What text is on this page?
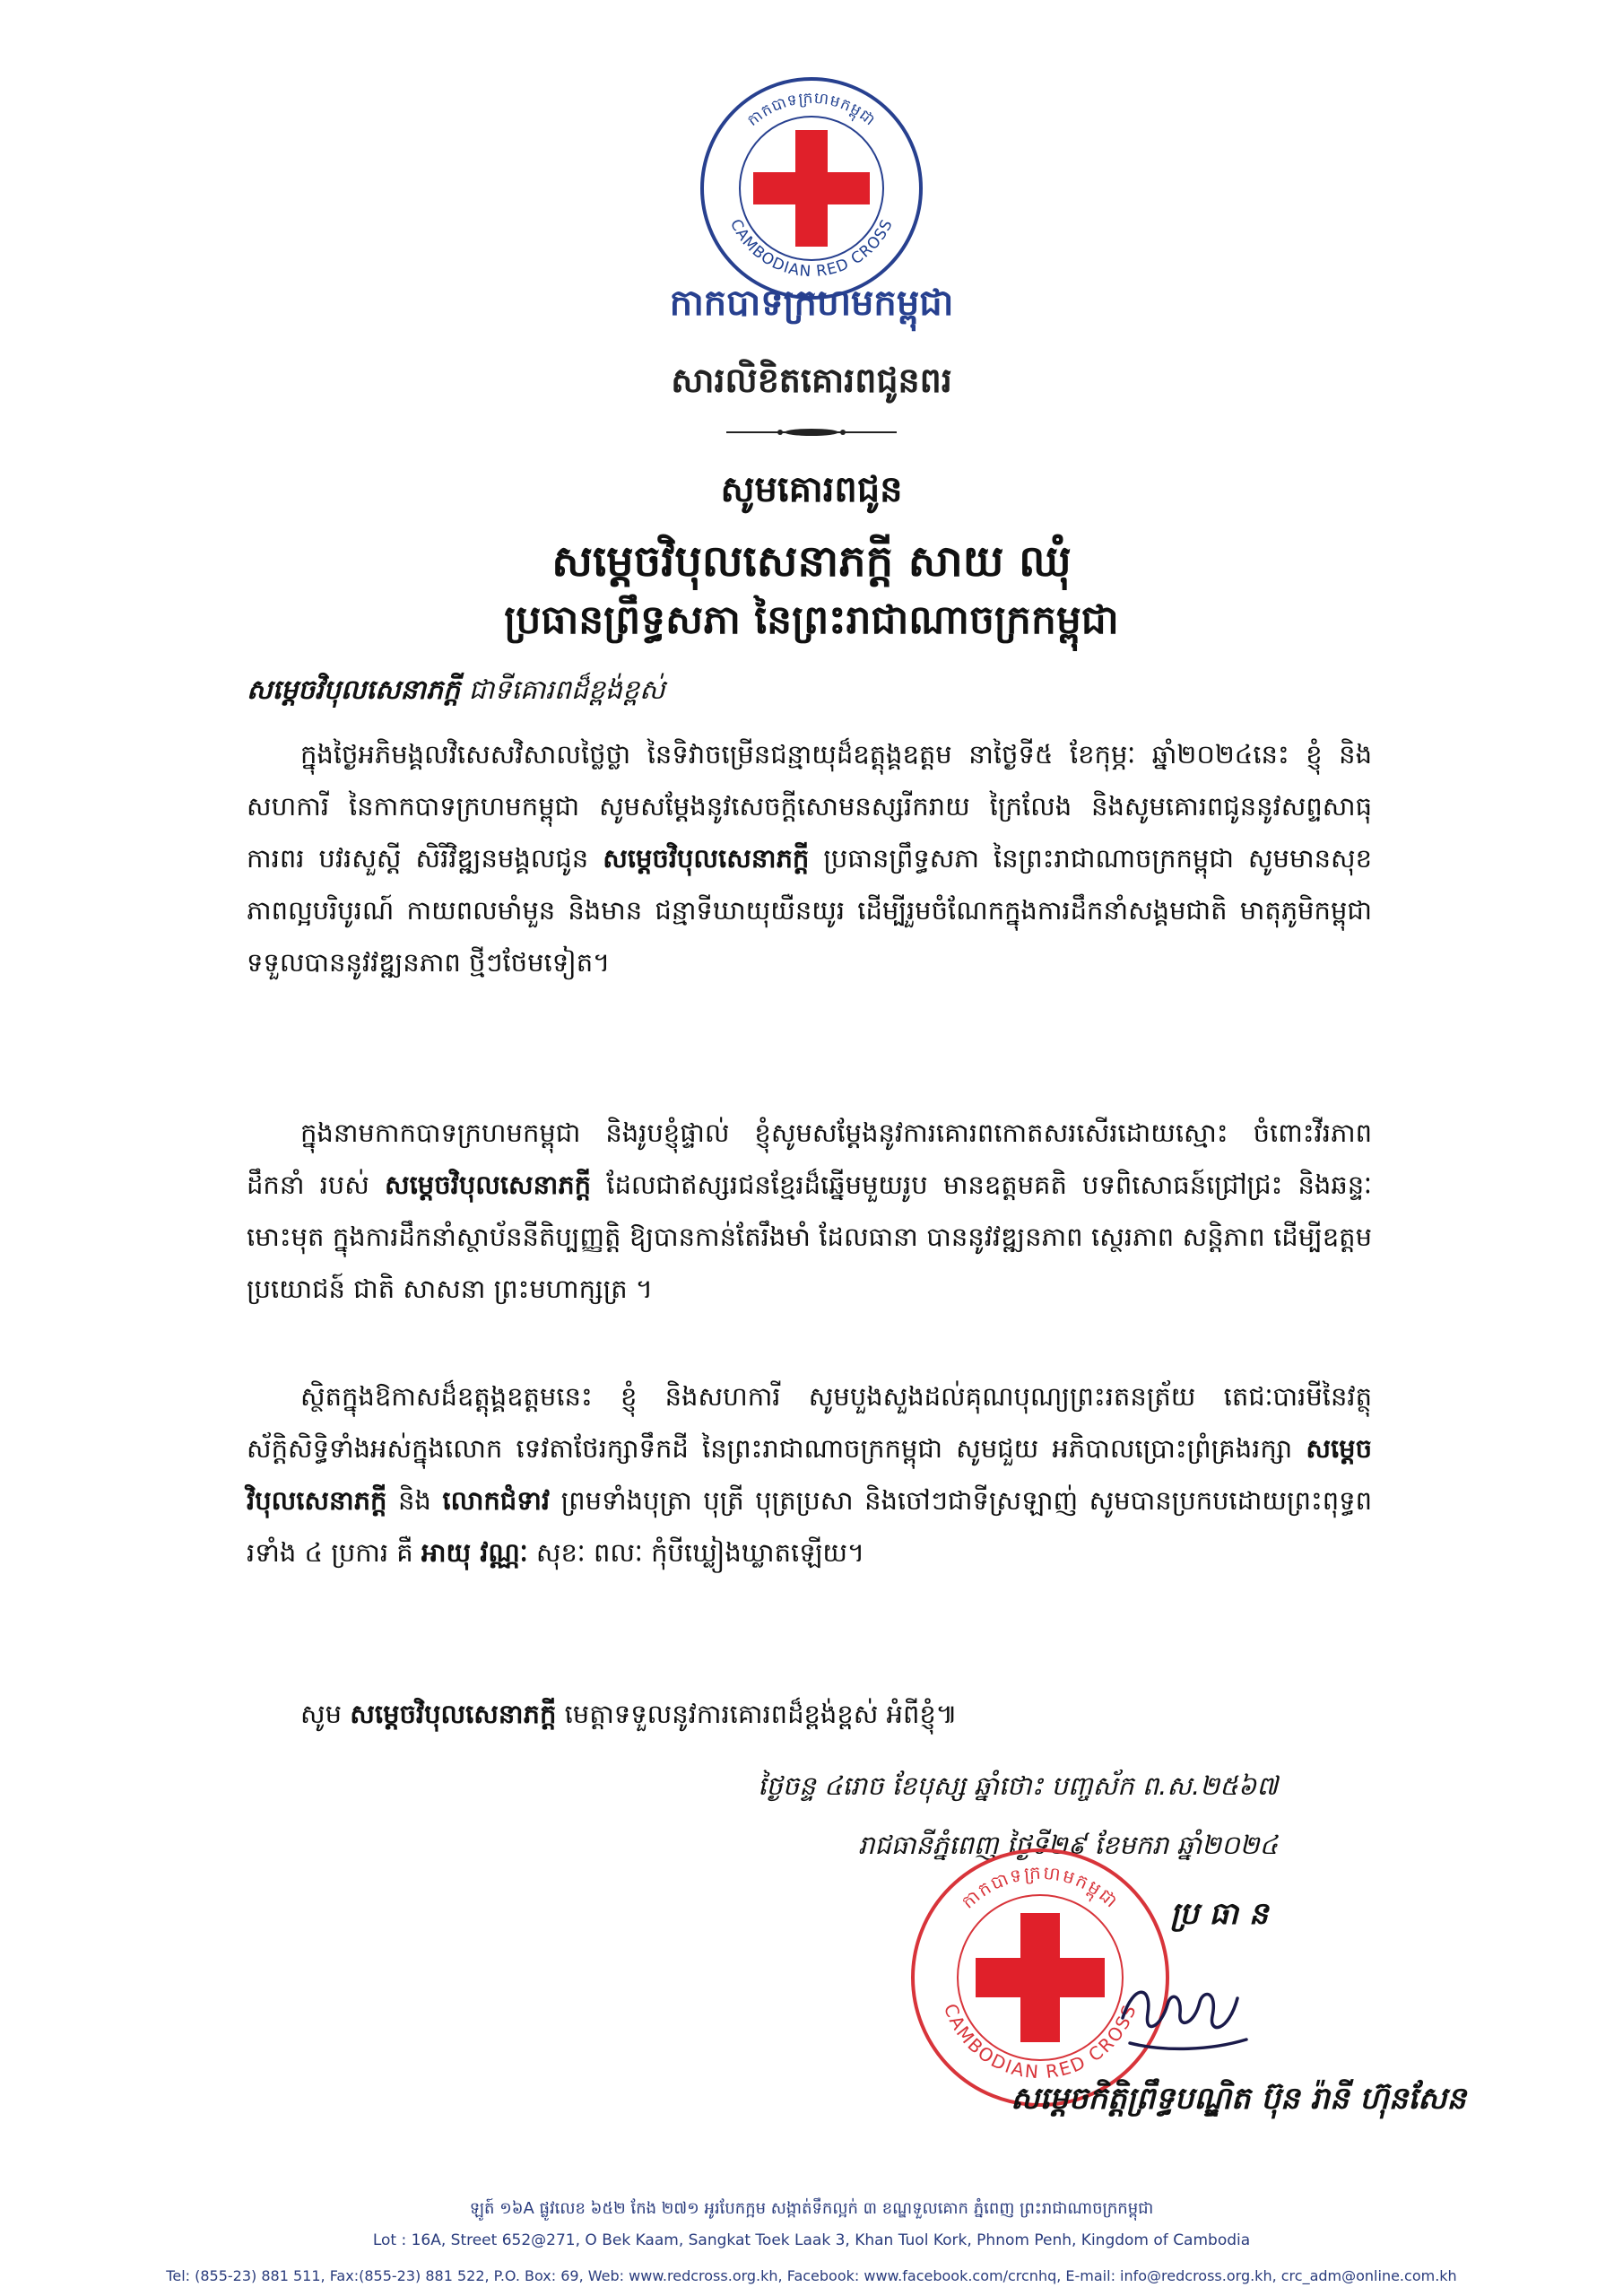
កាកបាទក្រហមកម្ពុជា
CAMBODIAN RED CROSS
កាកបាទក្រហមកម្ពុជា
សារលិខិតគោរពជូនពរ
សូមគោរពជូន
សម្ដេចវិបុលសេនាភក្ដី សាយ ឈុំ
ប្រធានព្រឹទ្ធសភា នៃព្រះរាជាណាចក្រកម្ពុជា
សម្ដេចវិបុលសេនាភក្ដី ជាទីគោរពដ៏ខ្ពង់ខ្ពស់

ក្នុងថ្ងៃអភិមង្គលវិសេសវិសាលថ្លៃថ្លា នៃទិវាចម្រើនជន្មាយុដ៏ឧត្តុង្គឧត្តម នាថ្ងៃទី៥ ខែកុម្ភៈ ឆ្នាំ២០២៤នេះ ខ្ញុំ និងសហការី នៃកាកបាទក្រហមកម្ពុជា សូមសម្ដែងនូវសេចក្ដីសោមនស្សរីករាយ ក្រៃលែង និងសូមគោរពជូននូវសព្ទសាធុការពរ បវរសួស្ដី សិរីវិឌ្ឍនមង្គលជូន សម្ដេចវិបុលសេនាភក្ដី ប្រធានព្រឹទ្ធសភា នៃព្រះរាជាណាចក្រកម្ពុជា សូមមានសុខភាពល្អបរិបូរណ៍ កាយពលមាំមួន និងមាន ជន្មាទីឃាយុយឺនយូរ ដើម្បីរួមចំណែកក្នុងការដឹកនាំសង្គមជាតិ មាតុភូមិកម្ពុជា ទទួលបាននូវវឌ្ឍនភាព ថ្មីៗថែមទៀត។

ក្នុងនាមកាកបាទក្រហមកម្ពុជា និងរូបខ្ញុំផ្ទាល់ ខ្ញុំសូមសម្ដែងនូវការគោរពកោតសរសើរដោយស្មោះ ចំពោះវីរភាពដឹកនាំ របស់ សម្ដេចវិបុលសេនាភក្ដី ដែលជាឥស្សរជនខ្មែរដ៏ឆ្នើមមួយរូប មានឧត្ដមគតិ បទពិសោធន៍ជ្រៅជ្រះ និងឆន្ទៈមោះមុត ក្នុងការដឹកនាំស្ថាប័ននីតិប្បញ្ញត្តិ ឱ្យបានកាន់តែរឹងមាំ ដែលធានា បាននូវវឌ្ឍនភាព ស្ថេរភាព សន្តិភាព ដើម្បីឧត្ដមប្រយោជន៍ ជាតិ សាសនា ព្រះមហាក្សត្រ ។

ស្ថិតក្នុងឱកាសដ៏ឧត្តុង្គឧត្តមនេះ ខ្ញុំ និងសហការី សូមបួងសួងដល់គុណបុណ្យព្រះរតនត្រ័យ តេជៈបារមីនៃវត្ថុស័ក្ដិសិទ្ធិទាំងអស់ក្នុងលោក ទេវតាថែរក្សាទឹកដី នៃព្រះរាជាណាចក្រកម្ពុជា សូមជួយ អភិបាលប្រោះព្រំគ្រងរក្សា សម្ដេចវិបុលសេនាភក្ដី និង លោកជំទាវ ព្រមទាំងបុត្រា បុត្រី បុត្រប្រសា និងចៅៗជាទីស្រឡាញ់ សូមបានប្រកបដោយព្រះពុទ្ធពរទាំង ៤ ប្រការ គឺ អាយុ វណ្ណៈ សុខៈ ពលៈ កុំបីឃ្លៀងឃ្លាតឡើយ។

សូម សម្ដេចវិបុលសេនាភក្ដី មេត្តាទទួលនូវការគោរពដ៏ខ្ពង់ខ្ពស់ អំពីខ្ញុំ៕
ថ្ងៃចន្ទ ៤រោច ខែបុស្ស ឆ្នាំថោះ បញ្ចស័ក ព.ស.២៥៦៧
រាជធានីភ្នំពេញ ថ្ងៃទី២៩ ខែមករា ឆ្នាំ២០២៤
កាកបាទក្រហមកម្ពុជា
CAMBODIAN RED CROSS
ប្រ ធា ន
សម្ដេចកិត្តិព្រឹទ្ធបណ្ឌិត ប៊ុន រ៉ានី ហ៊ុនសែន
ឡូត៍ ១៦A ផ្លូវលេខ ៦៥២ កែង ២៧១ អូរបែកក្អម សង្កាត់ទឹកល្អក់ ៣ ខណ្ឌទួលគោក ភ្នំពេញ ព្រះរាជាណាចក្រកម្ពុជា
Lot : 16A, Street 652@271, O Bek Kaam, Sangkat Toek Laak 3, Khan Tuol Kork, Phnom Penh, Kingdom of Cambodia
Tel: (855-23) 881 511, Fax:(855-23) 881 522, P.O. Box: 69, Web: www.redcross.org.kh, Facebook: www.facebook.com/crcnhq, E-mail: info@redcross.org.kh, crc_adm@online.com.kh
